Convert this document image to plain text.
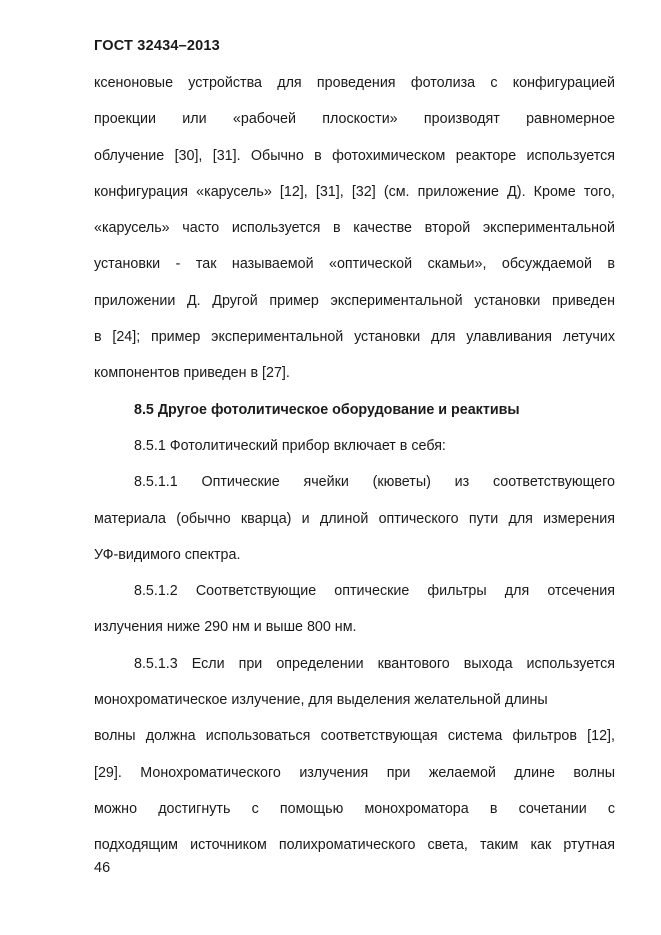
ГОСТ 32434–2013
ксеноновые устройства для проведения фотолиза с конфигурацией
проекции или «рабочей плоскости» производят равномерное
облучение [30], [31]. Обычно в фотохимическом реакторе используется
конфигурация «карусель» [12], [31], [32] (см. приложение Д). Кроме того,
«карусель» часто используется в качестве второй экспериментальной
установки - так называемой «оптической скамьи», обсуждаемой в
приложении Д. Другой пример экспериментальной установки приведен
в [24]; пример экспериментальной установки для улавливания летучих
компонентов приведен в [27].
8.5 Другое фотолитическое оборудование и реактивы
8.5.1 Фотолитический прибор включает в себя:
8.5.1.1 Оптические ячейки (кюветы) из соответствующего
материала (обычно кварца) и длиной оптического пути для измерения
УФ-видимого спектра.
8.5.1.2 Соответствующие оптические фильтры для отсечения
излучения ниже 290 нм и выше 800 нм.
8.5.1.3 Если при определении квантового выхода используется
монохроматическое излучение, для выделения желательной длины
волны должна использоваться соответствующая система фильтров [12],
[29]. Монохроматического излучения при желаемой длине волны
можно достигнуть с помощью монохроматора в сочетании с
подходящим источником полихроматического света, таким как ртутная
46
